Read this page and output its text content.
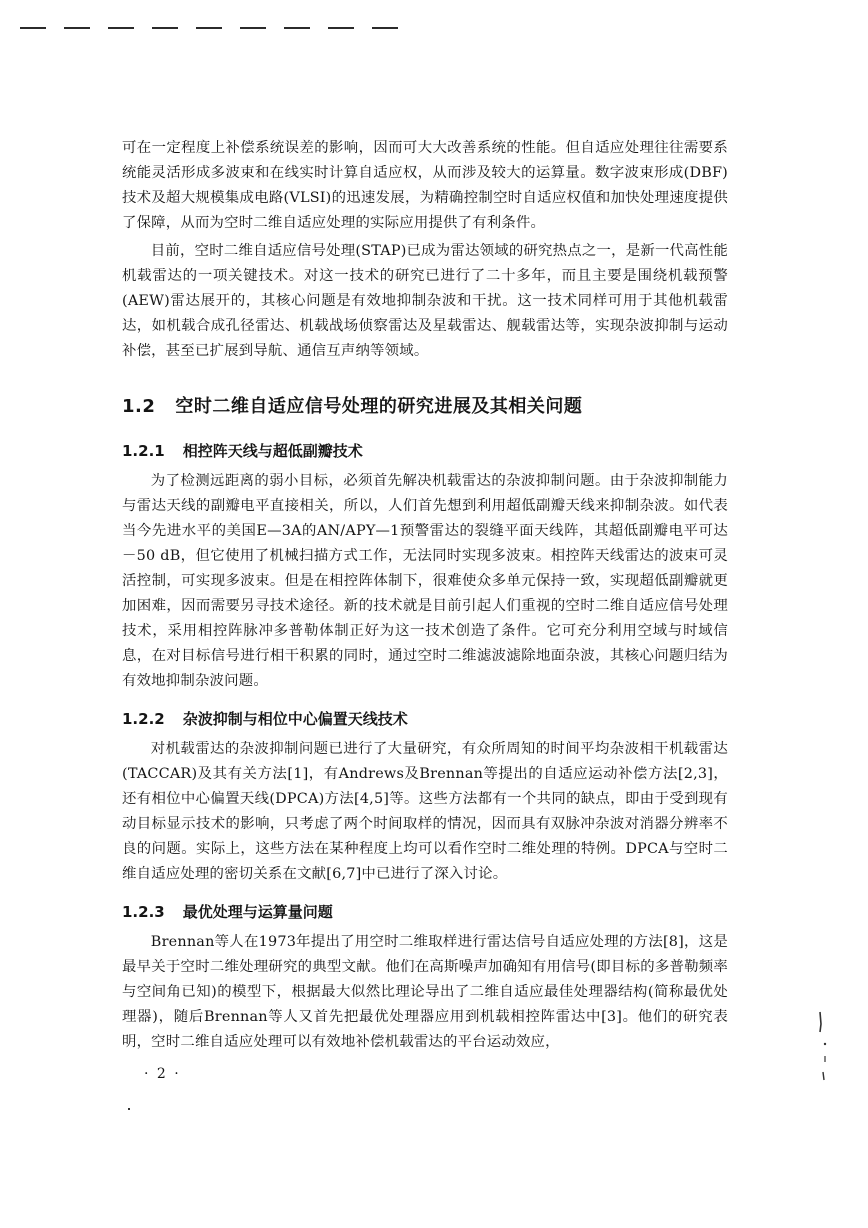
可在一定程度上补偿系统误差的影响，因而可大大改善系统的性能。但自适应处理往往需要系统能灵活形成多波束和在线实时计算自适应权，从而涉及较大的运算量。数字波束形成(DBF)技术及超大规模集成电路(VLSI)的迅速发展，为精确控制空时自适应权值和加快处理速度提供了保障，从而为空时二维自适应处理的实际应用提供了有利条件。

目前，空时二维自适应信号处理(STAP)已成为雷达领域的研究热点之一，是新一代高性能机载雷达的一项关键技术。对这一技术的研究已进行了二十多年，而且主要是围绕机载预警(AEW)雷达展开的，其核心问题是有效地抑制杂波和干扰。这一技术同样可用于其他机载雷达，如机载合成孔径雷达、机载战场侦察雷达及星载雷达、舰载雷达等，实现杂波抑制与运动补偿，甚至已扩展到导航、通信互声纳等领域。

1.2 空时二维自适应信号处理的研究进展及其相关问题
1.2.1 相控阵天线与超低副瓣技术

为了检测远距离的弱小目标，必须首先解决机载雷达的杂波抑制问题。由于杂波抑制能力与雷达天线的副瓣电平直接相关，所以，人们首先想到利用超低副瓣天线来抑制杂波。如代表当今先进水平的美国E—3A的AN/APY—1预警雷达的裂缝平面天线阵，其超低副瓣电平可达－50 dB，但它使用了机械扫描方式工作，无法同时实现多波束。相控阵天线雷达的波束可灵活控制，可实现多波束。但是在相控阵体制下，很难使众多单元保持一致，实现超低副瓣就更加困难，因而需要另寻技术途径。新的技术就是目前引起人们重视的空时二维自适应信号处理技术，采用相控阵脉冲多普勒体制正好为这一技术创造了条件。它可充分利用空域与时域信息，在对目标信号进行相干积累的同时，通过空时二维滤波滤除地面杂波，其核心问题归结为有效地抑制杂波问题。

1.2.2 杂波抑制与相位中心偏置天线技术

对机载雷达的杂波抑制问题已进行了大量研究，有众所周知的时间平均杂波相干机载雷达(TACCAR)及其有关方法[1]，有Andrews及Brennan等提出的自适应运动补偿方法[2,3]，还有相位中心偏置天线(DPCA)方法[4,5]等。这些方法都有一个共同的缺点，即由于受到现有动目标显示技术的影响，只考虑了两个时间取样的情况，因而具有双脉冲杂波对消器分辨率不良的问题。实际上，这些方法在某种程度上均可以看作空时二维处理的特例。DPCA与空时二维自适应处理的密切关系在文献[6,7]中已进行了深入讨论。

1.2.3 最优处理与运算量问题

Brennan等人在1973年提出了用空时二维取样进行雷达信号自适应处理的方法[8]，这是最早关于空时二维处理研究的典型文献。他们在高斯噪声加确知有用信号(即目标的多普勒频率与空间角已知)的模型下，根据最大似然比理论导出了二维自适应最佳处理器结构(简称最优处理器)，随后Brennan等人又首先把最优处理器应用到机载相控阵雷达中[3]。他们的研究表明，空时二维自适应处理可以有效地补偿机载雷达的平台运动效应，

· 2 ·
